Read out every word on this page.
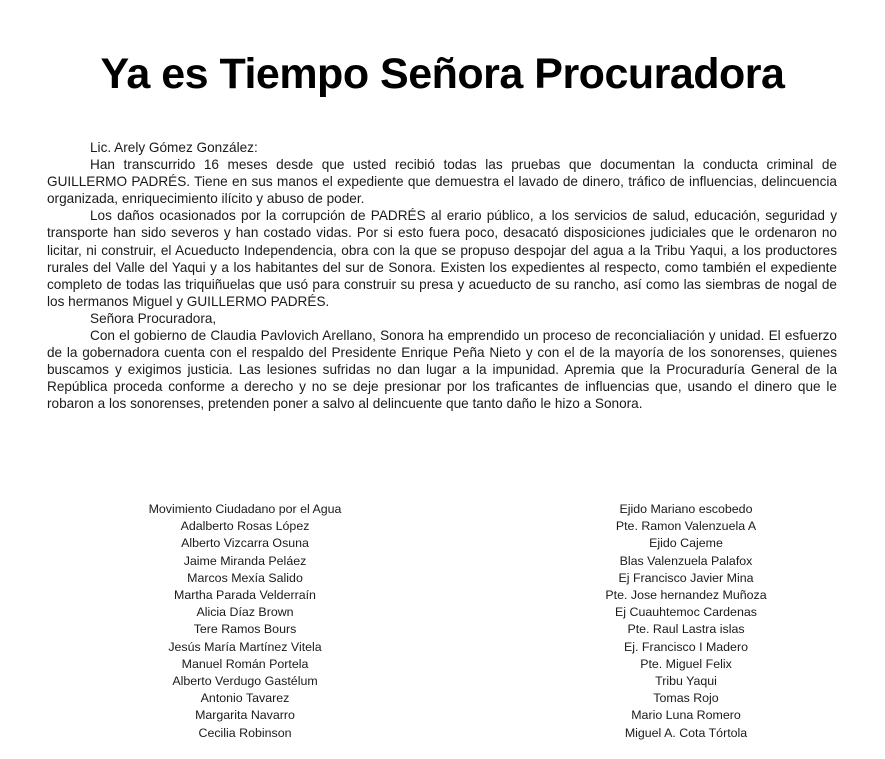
Ya es Tiempo Señora Procuradora

Lic. Arely Gómez González:

Han transcurrido 16 meses desde que usted recibió todas las pruebas que documentan la conducta criminal de GUILLERMO PADRÉS. Tiene en sus manos el expediente que demuestra el lavado de dinero, tráfico de influencias, delincuencia organizada, enriquecimiento ilícito y abuso de poder.

Los daños ocasionados por la corrupción de PADRÉS al erario público, a los servicios de salud, educación, seguridad y transporte han sido severos y han costado vidas. Por si esto fuera poco, desacató disposiciones judiciales que le ordenaron no licitar, ni construir, el Acueducto Independencia, obra con la que se propuso despojar del agua a la Tribu Yaqui, a los productores rurales del Valle del Yaqui y a los habitantes del sur de Sonora. Existen los expedientes al respecto, como también el expediente completo de todas las triquiñuelas que usó para construir su presa y acueducto de su rancho, así como las siembras de nogal de los hermanos Miguel y GUILLERMO PADRÉS.

Señora Procuradora,

Con el gobierno de Claudia Pavlovich Arellano, Sonora ha emprendido un proceso de reconcialiación y unidad. El esfuerzo de la gobernadora cuenta con el respaldo del Presidente Enrique Peña Nieto y con el de la mayoría de los sonorenses, quienes buscamos y exigimos justicia. Las lesiones sufridas no dan lugar a la impunidad. Apremia que la Procuraduría General de la República proceda conforme a derecho y no se deje presionar por los traficantes de influencias que, usando el dinero que le robaron a los sonorenses, pretenden poner a salvo al delincuente que tanto daño le hizo a Sonora.

Movimiento Ciudadano por el Agua
Adalberto Rosas López
Alberto Vizcarra Osuna
Jaime Miranda Peláez
Marcos Mexía Salido
Martha Parada Velderraín
Alicia Díaz Brown
Tere Ramos Bours
Jesús María Martínez Vitela
Manuel Román Portela
Alberto Verdugo Gastélum
Antonio Tavarez
Margarita Navarro
Cecilia Robinson
Ejido Mariano escobedo
Pte. Ramon Valenzuela A
Ejido Cajeme
Blas Valenzuela Palafox
Ej Francisco Javier Mina
Pte. Jose hernandez Muñoza
Ej Cuauhtemoc Cardenas
Pte. Raul Lastra islas
Ej. Francisco I Madero
Pte. Miguel Felix
Tribu Yaqui
Tomas Rojo
Mario Luna Romero
Miguel A. Cota Tórtola
